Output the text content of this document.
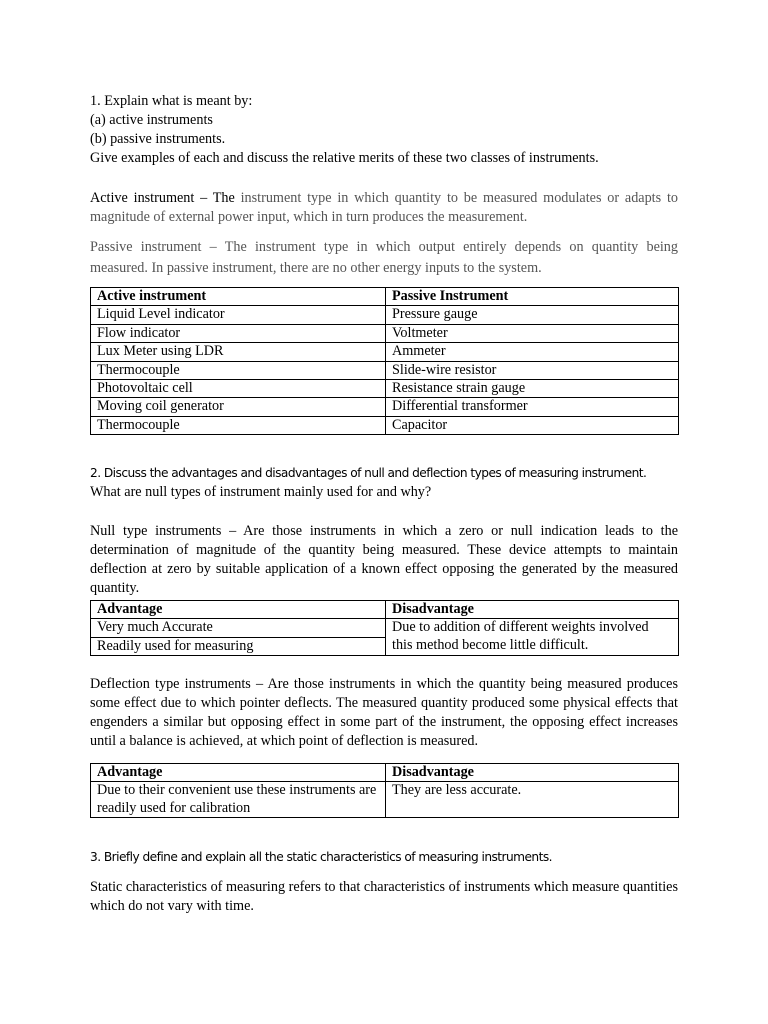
1. Explain what is meant by:

(a) active instruments

(b) passive instruments.

Give examples of each and discuss the relative merits of these two classes of instruments.

Active instrument – The instrument type in which quantity to be measured modulates or adapts to magnitude of external power input, which in turn produces the measurement.

Passive instrument – The instrument type in which output entirely depends on quantity being measured. In passive instrument, there are no other energy inputs to the system.

Active instrument	Passive Instrument
Liquid Level indicator	Pressure gauge
Flow indicator	Voltmeter
Lux Meter using LDR	Ammeter
Thermocouple	Slide-wire resistor
Photovoltaic cell	Resistance strain gauge
Moving coil generator	Differential transformer
Thermocouple	Capacitor

2. Discuss the advantages and disadvantages of null and deflection types of measuring instrument.

What are null types of instrument mainly used for and why?

Null type instruments – Are those instruments in which a zero or null indication leads to the determination of magnitude of the quantity being measured. These device attempts to maintain deflection at zero by suitable application of a known effect opposing the generated by the measured quantity.

Advantage	Disadvantage
Very much Accurate	Due to addition of different weights involved this method become little difficult.
Readily used for measuring	

Deflection type instruments – Are those instruments in which the quantity being measured produces some effect due to which pointer deflects. The measured quantity produced some physical effects that engenders a similar but opposing effect in some part of the instrument, the opposing effect increases until a balance is achieved, at which point of deflection is measured.

Advantage	Disadvantage
Due to their convenient use these instruments are readily used for calibration	They are less accurate.

3. Briefly define and explain all the static characteristics of measuring instruments.

Static characteristics of measuring refers to that characteristics of instruments which measure quantities which do not vary with time.
